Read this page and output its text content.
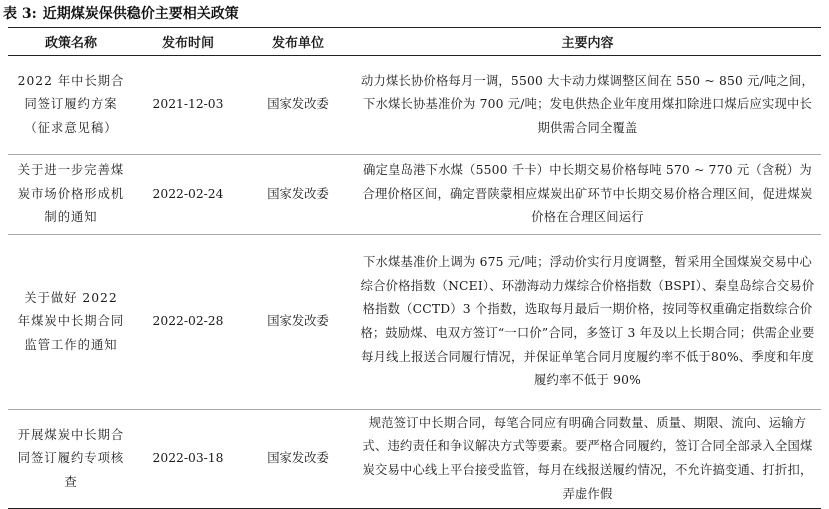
表 3: 近期煤炭保供稳价主要相关政策
政策名称	发布时间	发布单位	主要内容
2022 年中长期合同签订履约方案（征求意见稿）	2021-12-03	国家发改委	动力煤长协价格每月一调，5500 大卡动力煤调整区间在 550 ~ 850 元/吨之间，下水煤长协基准价为 700 元/吨；发电供热企业年度用煤扣除进口煤后应实现中长期供需合同全覆盖
关于进一步完善煤炭市场价格形成机制的通知	2022-02-24	国家发改委	确定皇岛港下水煤（5500 千卡）中长期交易价格每吨 570 ~ 770 元（含税）为合理价格区间，确定晋陕蒙相应煤炭出矿环节中长期交易价格合理区间，促进煤炭价格在合理区间运行
关于做好 2022 年煤炭中长期合同监管工作的通知	2022-02-28	国家发改委	下水煤基准价上调为 675 元/吨；浮动价实行月度调整，暂采用全国煤炭交易中心综合价格指数（NCEI）、环渤海动力煤综合价格指数（BSPI）、秦皇岛综合交易价格指数（CCTD）3 个指数，选取每月最后一期价格，按同等权重确定指数综合价格；鼓励煤、电双方签订“一口价”合同，多签订 3 年及以上长期合同；供需企业要每月线上报送合同履行情况，并保证单笔合同月度履约率不低于80%、季度和年度履约率不低于 90%
开展煤炭中长期合同签订履约专项核查	2022-03-18	国家发改委	规范签订中长期合同，每笔合同应有明确合同数量、质量、期限、流向、运输方式、违约责任和争议解决方式等要素。要严格合同履约，签订合同全部录入全国煤炭交易中心线上平台接受监管，每月在线报送履约情况，不允许搞变通、打折扣，弄虚作假
